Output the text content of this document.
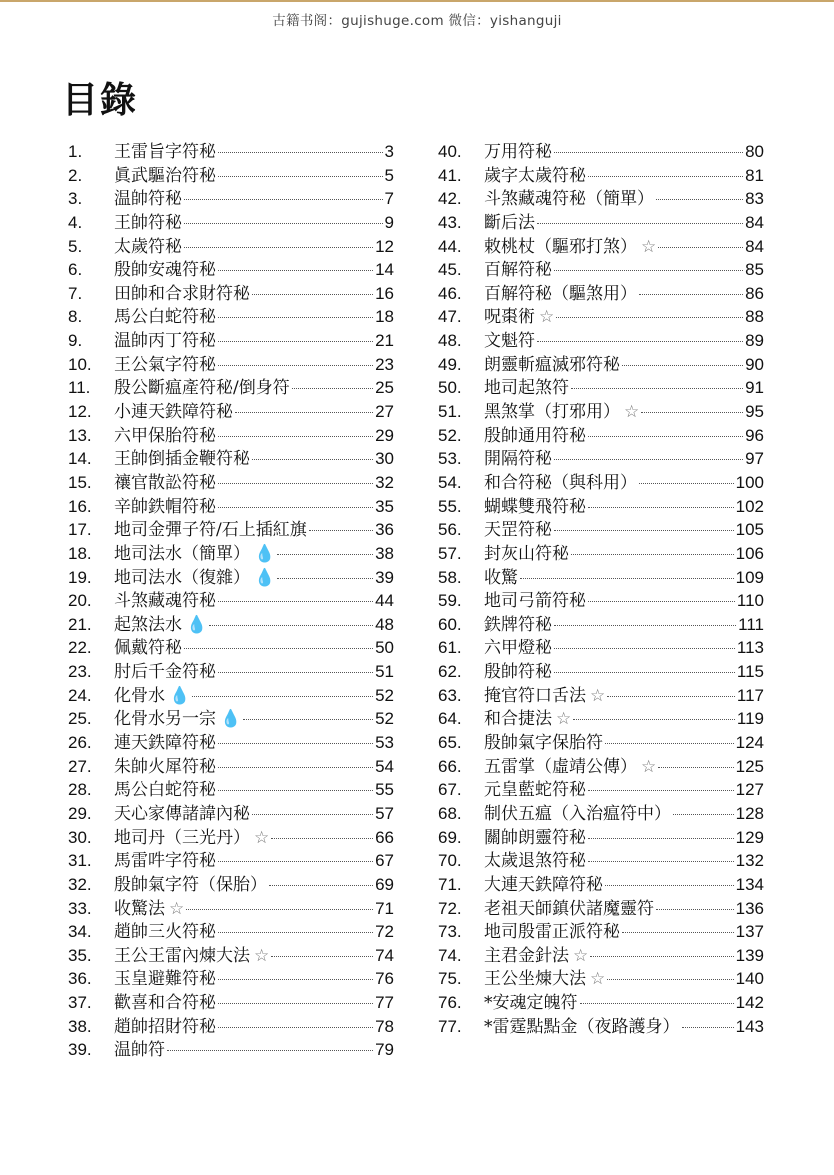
古籍书阁：gujishuge.com 微信：yishanguji
目錄
1.	王雷旨字符秘	3
2.	眞武驅治符秘	5
3.	温帥符秘	7
4.	王帥符秘	9
5.	太歲符秘	12
6.	殷帥安魂符秘	14
7.	田帥和合求財符秘	16
8.	馬公白蛇符秘	18
9.	温帥丙丁符秘	21
10.	王公氣字符秘	23
11.	殷公斷瘟產符秘/倒身符	25
12.	小連天鉄障符秘	27
13.	六甲保胎符秘	29
14.	王帥倒插金鞭符秘	30
15.	禳官散訟符秘	32
16.	辛帥鉄帽符秘	35
17.	地司金彈子符/石上插紅旗	36
18.	地司法水（簡單） 💧	38
19.	地司法水（復雜） 💧	39
20.	斗煞藏魂符秘	44
21.	起煞法水 💧	48
22.	佩戴符秘	50
23.	肘后千金符秘	51
24.	化骨水 💧	52
25.	化骨水另一宗 💧	52
26.	連天鉄障符秘	53
27.	朱帥火犀符秘	54
28.	馬公白蛇符秘	55
29.	天心家傳諸諱內秘	57
30.	地司丹（三光丹） ☆	66
31.	馬雷吽字符秘	67
32.	殷帥氣字符（保胎）	69
33.	收驚法 ☆	71
34.	趙帥三火符秘	72
35.	王公王雷內煉大法 ☆	74
36.	玉皇避難符秘	76
37.	歡喜和合符秘	77
38.	趙帥招財符秘	78
39.	温帥符	79
40.	万用符秘	80
41.	歲字太歲符秘	81
42.	斗煞藏魂符秘（簡單）	83
43.	斷后法	84
44.	敕桃杖（驅邪打煞） ☆	84
45.	百解符秘	85
46.	百解符秘（驅煞用）	86
47.	呪棗術 ☆	88
48.	文魁符	89
49.	朗靈斬瘟滅邪符秘	90
50.	地司起煞符	91
51.	黑煞掌（打邪用） ☆	95
52.	殷帥通用符秘	96
53.	開隔符秘	97
54.	和合符秘（與科用）	100
55.	蝴蝶雙飛符秘	102
56.	天罡符秘	105
57.	封灰山符秘	106
58.	收驚	109
59.	地司弓箭符秘	110
60.	鉄牌符秘	111
61.	六甲燈秘	113
62.	殷帥符秘	115
63.	掩官符口舌法 ☆	117
64.	和合捷法 ☆	119
65.	殷帥氣字保胎符	124
66.	五雷掌（虛靖公傳） ☆	125
67.	元皇藍蛇符秘	127
68.	制伏五瘟（入治瘟符中）	128
69.	關帥朗靈符秘	129
70.	太歲退煞符秘	132
71.	大連天鉄障符秘	134
72.	老祖天師鎮伏諸魔靈符	136
73.	地司殷雷正派符秘	137
74.	主君金針法 ☆	139
75.	王公坐煉大法 ☆	140
76.	*安魂定魄符	142
77.	*雷霆點點金（夜路護身）	143
